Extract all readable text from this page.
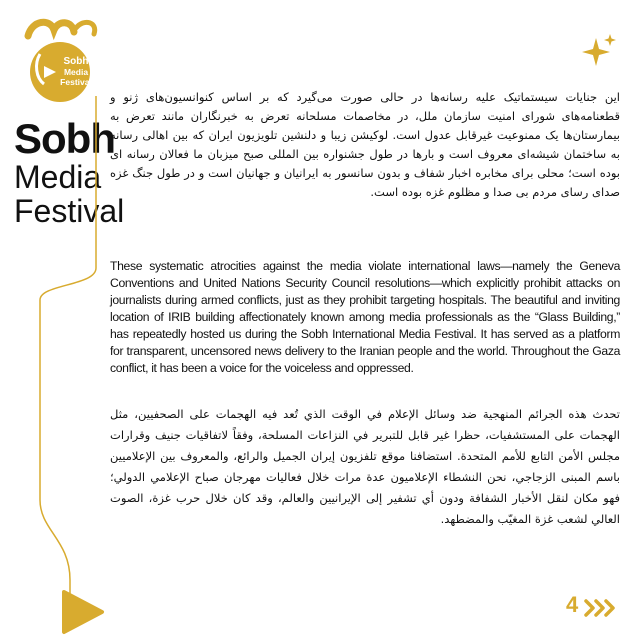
Sobh
Media
Festival
Sobh
Media
Festival
این جنایات سیستماتیک علیه رسانه‌ها در حالی صورت می‌گیرد که بر اساس کنوانسیون‌های ژنو و قطعنامه‌های شورای امنیت سازمان ملل، در مخاصمات مسلحانه تعرض به خبرنگاران مانند تعرض به بیمارستان‌ها یک ممنوعیت غیرقابل عدول است. لوکیشن زیبا و دلنشین تلویزیون ایران که بین اهالی رسانه به ساختمان شیشه‌ای معروف است و بارها در طول جشنواره بین المللی صبح میزبان ما فعالان رسانه ای بوده است؛ محلی برای مخابره اخبار شفاف و بدون سانسور به ایرانیان و جهانیان است و در طول جنگ غزه صدای رسای مردم بی صدا و مظلوم غزه بوده است.
These systematic atrocities against the media violate international laws—namely the Geneva Conventions and United Nations Security Council resolutions—which explicitly prohibit attacks on journalists during armed conflicts, just as they prohibit targeting hospitals. The beautiful and inviting location of IRIB building affectionately known among media professionals as the “Glass Building,” has repeatedly hosted us during the Sobh International Media Festival. It has served as a platform for transparent, uncensored news delivery to the Iranian people and the world. Throughout the Gaza conflict, it has been a voice for the voiceless and oppressed.
تحدث هذه الجرائم المنهجية ضد وسائل الإعلام في الوقت الذي تُعد فيه الهجمات على الصحفيين، مثل الهجمات على المستشفيات، حظرا غير قابل للتبرير في النزاعات المسلحة، وفقاً لاتفاقيات جنيف وقرارات مجلس الأمن التابع للأمم المتحدة. استضافنا موقع تلفزيون إيران الجميل والرائع، والمعروف بين الإعلاميين باسم المبنى الزجاجي، نحن النشطاء الإعلاميون عدة مرات خلال فعاليات مهرجان صباح الإعلامي الدولي؛ فهو مكان لنقل الأخبار الشفافة ودون أي تشفير إلى الإيرانيين والعالم، وقد كان خلال حرب غزة، الصوت العالي لشعب غزة المغيّب والمضطهد.
4
